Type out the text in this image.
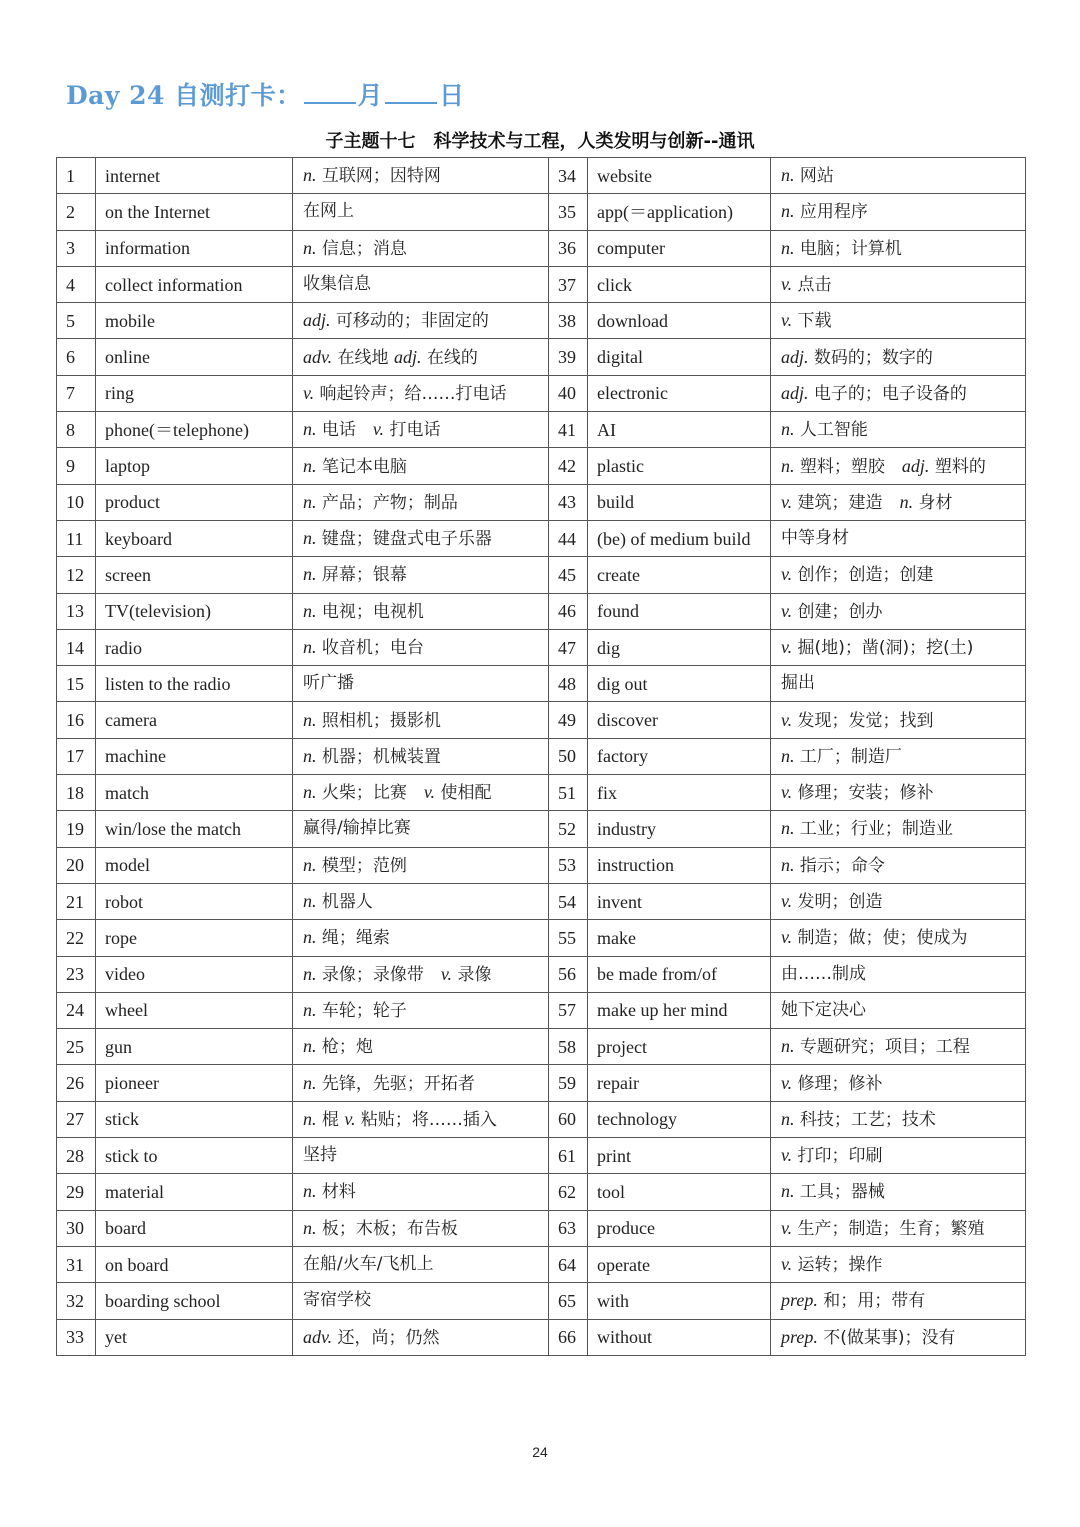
Day 24 自测打卡： 月 日
子主题十七　科学技术与工程，人类发明与创新--通讯
1	internet	n. 互联网；因特网	34	website	n. 网站
2	on the Internet	在网上	35	app(＝application)	n. 应用程序
3	information	n. 信息；消息	36	computer	n. 电脑；计算机
4	collect information	收集信息	37	click	v. 点击
5	mobile	adj. 可移动的；非固定的	38	download	v. 下载
6	online	adv. 在线地 adj. 在线的	39	digital	adj. 数码的；数字的
7	ring	v. 响起铃声；给……打电话	40	electronic	adj. 电子的；电子设备的
8	phone(＝telephone)	n. 电话　v. 打电话	41	AI	n. 人工智能
9	laptop	n. 笔记本电脑	42	plastic	n. 塑料；塑胶　adj. 塑料的
10	product	n. 产品；产物；制品	43	build	v. 建筑；建造　n. 身材
11	keyboard	n. 键盘；键盘式电子乐器	44	(be) of medium build	中等身材
12	screen	n. 屏幕；银幕	45	create	v. 创作；创造；创建
13	TV(television)	n. 电视；电视机	46	found	v. 创建；创办
14	radio	n. 收音机；电台	47	dig	v. 掘(地)；凿(洞)；挖(土)
15	listen to the radio	听广播	48	dig out	掘出
16	camera	n. 照相机；摄影机	49	discover	v. 发现；发觉；找到
17	machine	n. 机器；机械装置	50	factory	n. 工厂；制造厂
18	match	n. 火柴；比赛　v. 使相配	51	fix	v. 修理；安装；修补
19	win/lose the match	赢得/输掉比赛	52	industry	n. 工业；行业；制造业
20	model	n. 模型；范例	53	instruction	n. 指示；命令
21	robot	n. 机器人	54	invent	v. 发明；创造
22	rope	n. 绳；绳索	55	make	v. 制造；做；使；使成为
23	video	n. 录像；录像带　v. 录像	56	be made from/of	由……制成
24	wheel	n. 车轮；轮子	57	make up her mind	她下定决心
25	gun	n. 枪；炮	58	project	n. 专题研究；项目；工程
26	pioneer	n. 先锋，先驱；开拓者	59	repair	v. 修理；修补
27	stick	n. 棍 v. 粘贴；将……插入	60	technology	n. 科技；工艺；技术
28	stick to	坚持	61	print	v. 打印；印刷
29	material	n. 材料	62	tool	n. 工具；器械
30	board	n. 板；木板；布告板	63	produce	v. 生产；制造；生育；繁殖
31	on board	在船/火车/飞机上	64	operate	v. 运转；操作
32	boarding school	寄宿学校	65	with	prep. 和；用；带有
33	yet	adv. 还，尚；仍然	66	without	prep. 不(做某事)；没有
24
